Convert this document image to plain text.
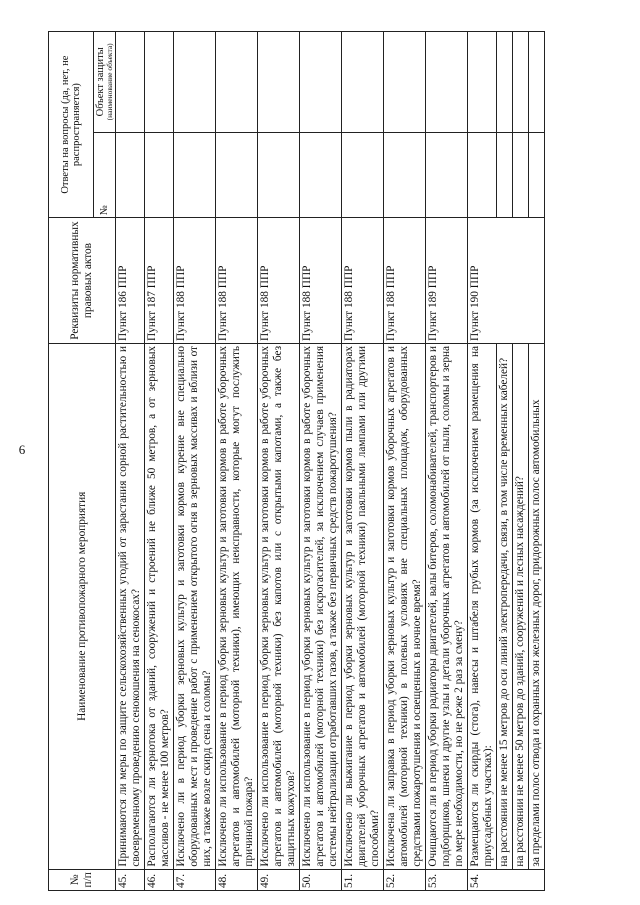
6
№
п/п	Наименование противопожарного мероприятия	Реквизиты нормативных правовых актов	Ответы на вопросы (да, нет, не распространяется)	
			№	Объект защиты (наименование объекта)

45.	Принимаются ли меры по защите сельскохозяйственных угодий от зарастания сорной растительностью и своевременному проведению сенокошения на сенокосах?	Пункт 186 ППР		
46.	Располагаются ли зернотока от зданий, сооружений и строений не ближе 50 метров, а от зерновых массивов - не менее 100 метров?	Пункт 187 ППР		
47.	Исключено ли в период уборки зерновых культур и заготовки кормов курение вне специально оборудованных мест и проведение работ с применением открытого огня в зерновых массивах и вблизи от них, а также возле скирд сена и соломы?	Пункт 188 ППР		
48.	Исключено ли использование в период уборки зерновых культур и заготовки кормов в работе уборочных агрегатов и автомобилей (моторной техники), имеющих неисправности, которые могут послужить причиной пожара?	Пункт 188 ППР		
49.	Исключено ли использование в период уборки зерновых культур и заготовки кормов в работе уборочных агрегатов и автомобилей (моторной техники) без капотов или с открытыми капотами, а также без защитных кожухов?	Пункт 188 ППР		
50.	Исключено ли использование в период уборки зерновых культур и заготовки кормов в работе уборочных агрегатов и автомобилей (моторной техники) без искрогасителей, за исключением случаев применения системы нейтрализации отработавших газов, а также без первичных средств пожаротушения?	Пункт 188 ППР		
51.	Исключено ли выжигание в период уборки зерновых культур и заготовки кормов пыли в радиаторах двигателей уборочных агрегатов и автомобилей (моторной техники) паяльными лампами или другими способами?	Пункт 188 ППР		
52.	Исключена ли заправка в период уборки зерновых культур и заготовки кормов уборочных агрегатов и автомобилей (моторной техники) в полевых условиях вне специальных площадок, оборудованных средствами пожаротушения и освещенных в ночное время?	Пункт 188 ППР		
53.	Очищаются ли в период уборки радиаторы двигателей, валы битеров, соломонабивателей, транспортеров и подборщиков, шнеки и другие узлы и детали уборочных агрегатов и автомобилей от пыли, соломы и зерна по мере необходимости, но не реже 2 раз за смену?	Пункт 189 ППР		
54.	Размещаются ли скирды (стога), навесы и штабеля грубых кормов (за исключением размещения на приусадебных участках):	Пункт 190 ППР		
	на расстоянии не менее 15 метров до оси линий электропередачи, связи, в том числе временных кабелей?			
	на расстоянии не менее 50 метров до зданий, сооружений и лесных насаждений?			
	за пределами полос отвода и охранных зон железных дорог, придорожных полос автомобильных			
